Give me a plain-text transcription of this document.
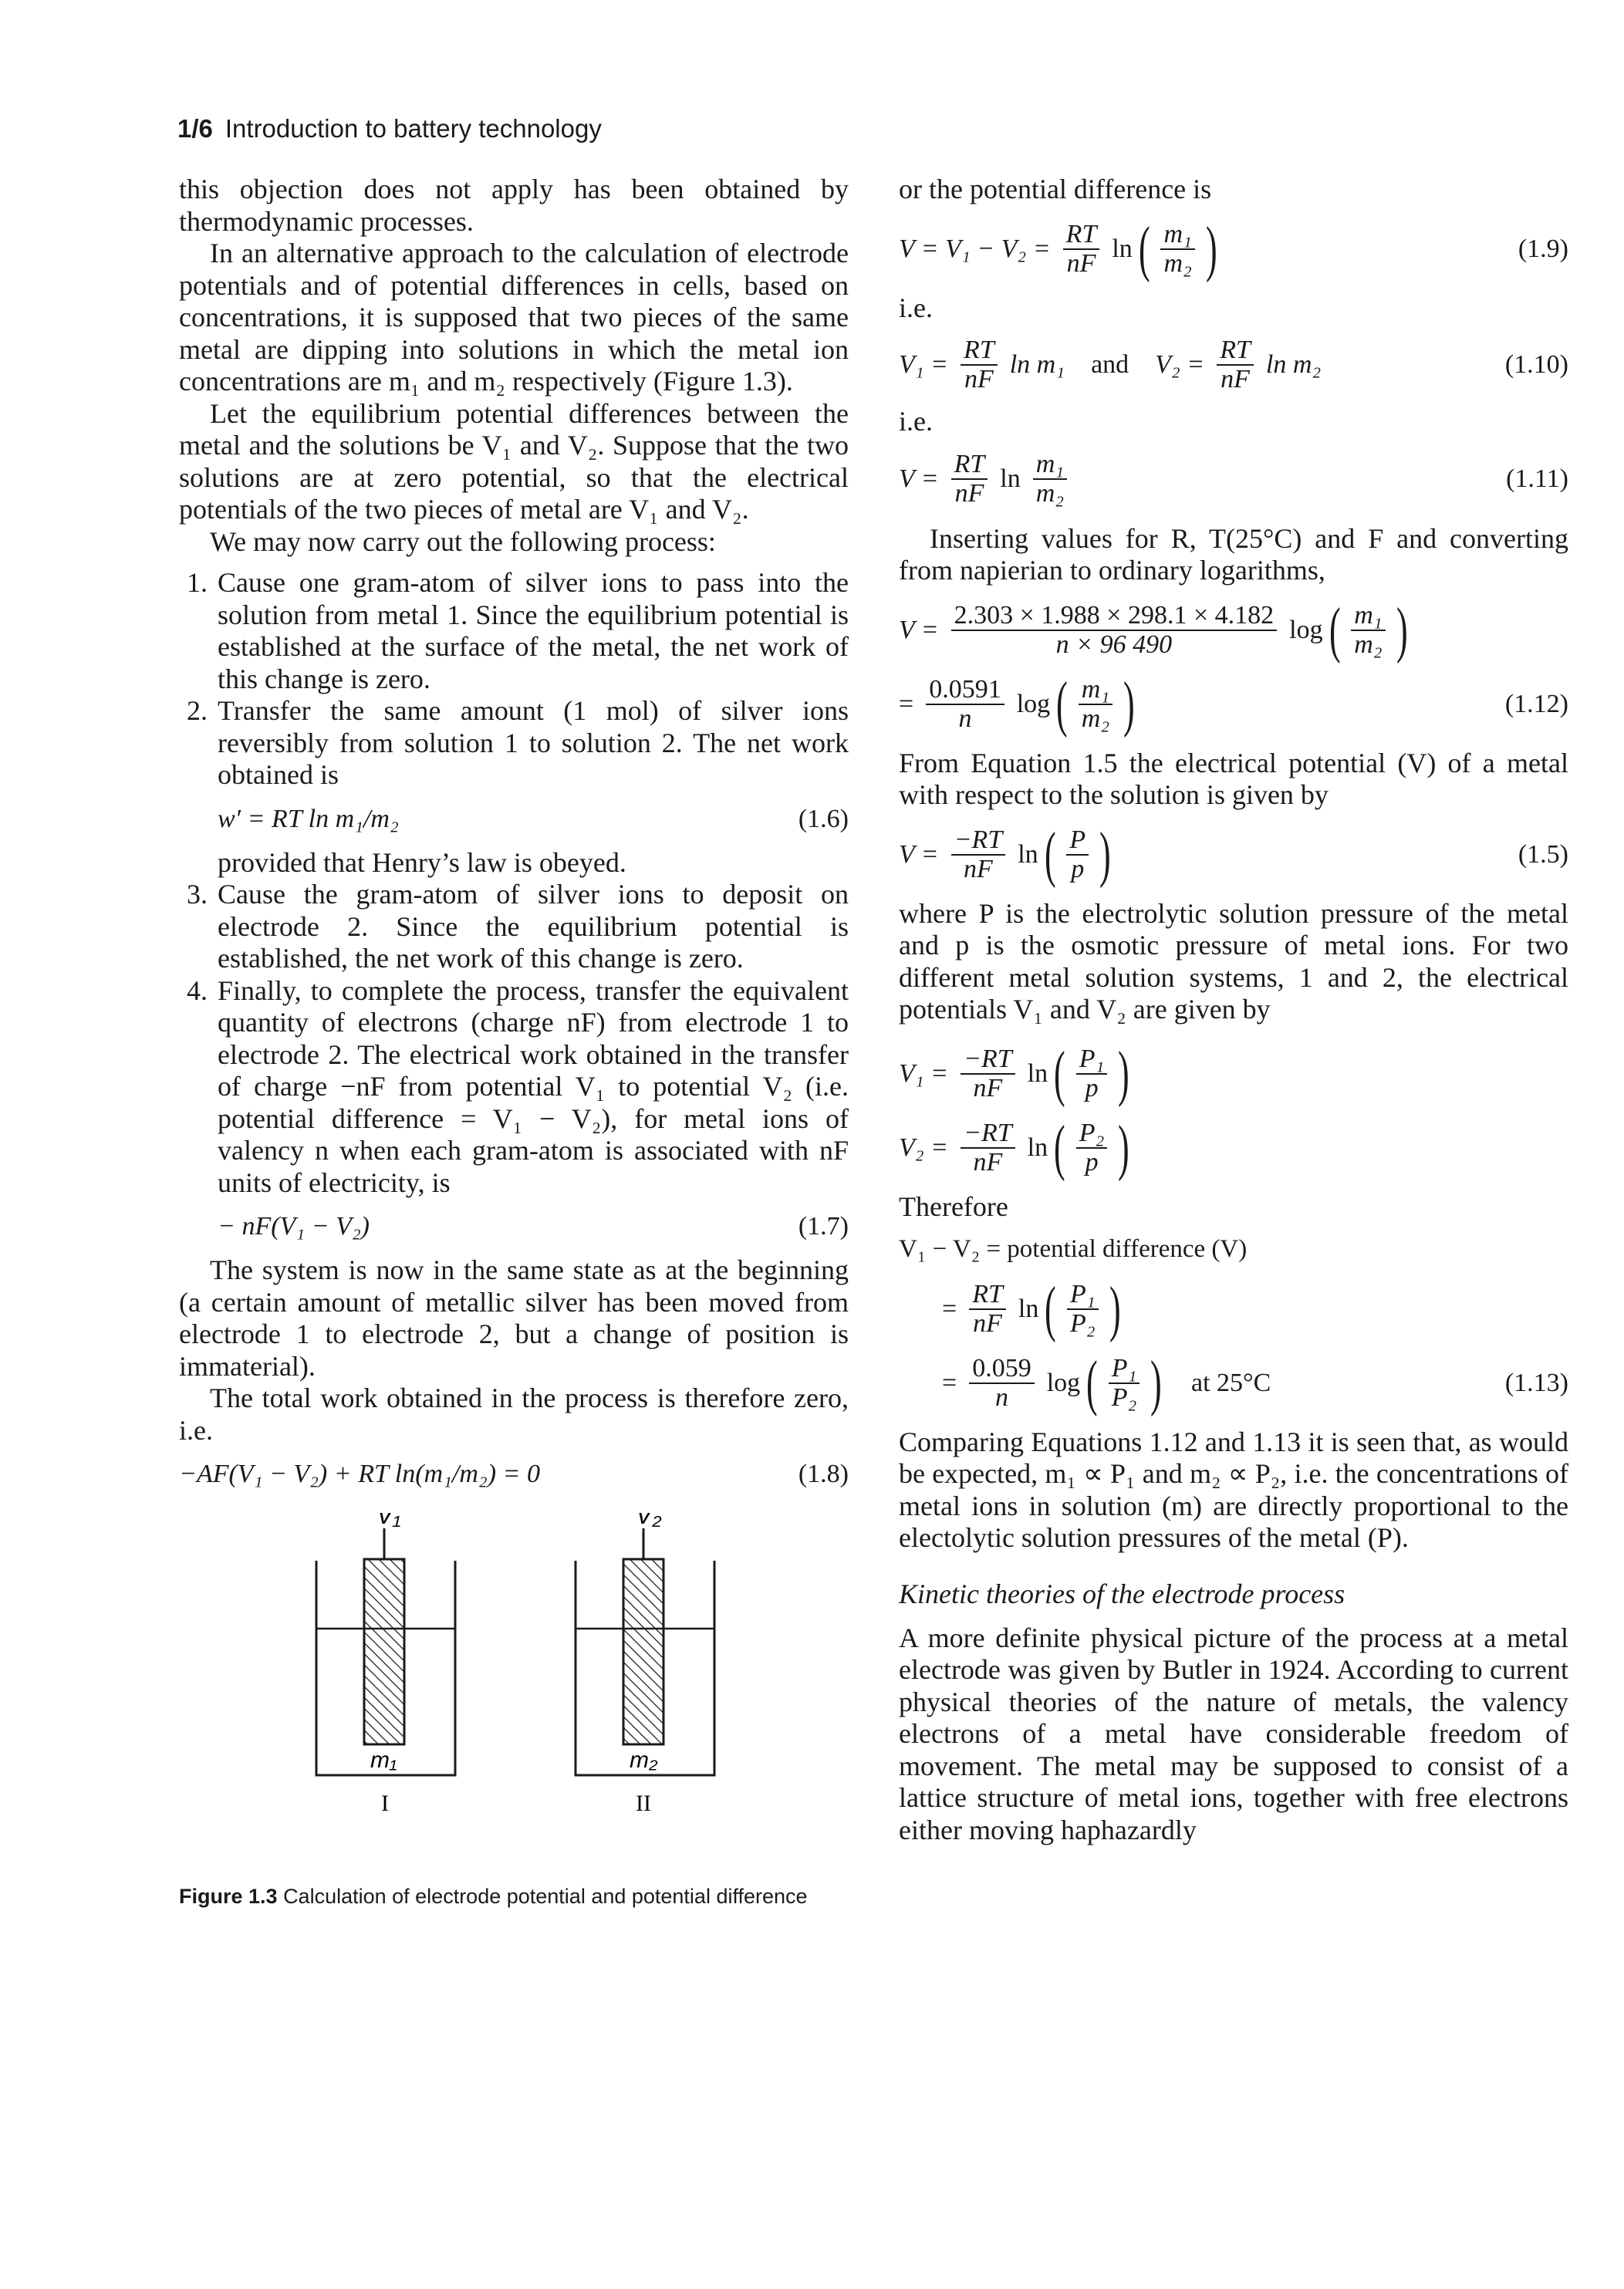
1/6 Introduction to battery technology

this objection does not apply has been obtained by thermodynamic processes.

In an alternative approach to the calculation of electrode potentials and of potential differences in cells, based on concentrations, it is supposed that two pieces of the same metal are dipping into solutions in which the metal ion concentrations are m₁ and m₂ respectively (Figure 1.3).

Let the equilibrium potential differences between the metal and the solutions be V₁ and V₂. Suppose that the two solutions are at zero potential, so that the electrical potentials of the two pieces of metal are V₁ and V₂.

We may now carry out the following process:

1. Cause one gram-atom of silver ions to pass into the solution from metal 1. Since the equilibrium potential is established at the surface of the metal, the net work of this change is zero.
2. Transfer the same amount (1 mol) of silver ions reversibly from solution 1 to solution 2. The net work obtained is
w′ = RT ln m₁/m₂	(1.6)
provided that Henry’s law is obeyed.
3. Cause the gram-atom of silver ions to deposit on electrode 2. Since the equilibrium potential is established, the net work of this change is zero.
4. Finally, to complete the process, transfer the equivalent quantity of electrons (charge nF) from electrode 1 to electrode 2. The electrical work obtained in the transfer of charge −nF from potential V₁ to potential V₂ (i.e. potential difference = V₁ − V₂), for metal ions of valency n when each gram-atom is associated with nF units of electricity, is
− nF(V₁ − V₂)	(1.7)

The system is now in the same state as at the beginning (a certain amount of metallic silver has been moved from electrode 1 to electrode 2, but a change of position is immaterial).

The total work obtained in the process is therefore zero, i.e.

−AF(V₁ − V₂) + RT ln(m₁/m₂) = 0	(1.8)
V₁
m₁
I
V₂
m₂
II
Figure 1.3 Calculation of electrode potential and potential difference

or the potential difference is

$V = V_1 - V_2 = \frac{RT}{nF}$ ln ( $\frac{\text{m₁}}{\text{m₂}}$ )	(1.9)

i.e.

$V_1 = \frac{RT}{nF}$ ln m₁ and $V_2 = \frac{RT}{nF}$ ln m₂	(1.10)

i.e.

$V = \frac{RT}{nF}$ $\ln \frac{\text{m₁}}{\text{m₂}}$	(1.11)

Inserting values for R, T(25°C) and F and converting from napierian to ordinary logarithms,

$V = \frac{2.303 \times 1.988 \times 298.1 \times 4.182}{n \times 96 490}$ log ( $\frac{\text{m₁}}{\text{m₂}}$ )
= $\frac{0.0591}{n}$ log ( $\frac{\text{m₁}}{\text{m₂}}$ )	(1.12)

From Equation 1.5 the electrical potential (V) of a metal with respect to the solution is given by

$V = \frac{-RT}{nF}$ ln ( $\frac{P}{p}$ )	(1.5)

where P is the electrolytic solution pressure of the metal and p is the osmotic pressure of metal ions. For two different metal solution systems, 1 and 2, the electrical potentials V₁ and V₂ are given by

$V_1 = \frac{-RT}{nF}$ ln ( $\frac{\text{P₁}}{p}$ )
$V_2 = \frac{-RT}{nF}$ ln ( $\frac{\text{P₂}}{p}$ )

Therefore

V₁ − V₂ = potential difference (V)

= $\frac{RT}{nF}$ ln ( $\frac{\text{P₁}}{\text{P₂}}$ )
= $\frac{0.059}{n}$ log ( $\frac{\text{P₁}}{\text{P₂}}$ ) at 25°C	(1.13)

Comparing Equations 1.12 and 1.13 it is seen that, as would be expected, m₁ ∝ P₁ and m₂ ∝ P₂, i.e. the concentrations of metal ions in solution (m) are directly proportional to the electolytic solution pressures of the metal (P).

Kinetic theories of the electrode process

A more definite physical picture of the process at a metal electrode was given by Butler in 1924. According to current physical theories of the nature of metals, the valency electrons of a metal have considerable freedom of movement. The metal may be supposed to consist of a lattice structure of metal ions, together with free electrons either moving haphazardly
